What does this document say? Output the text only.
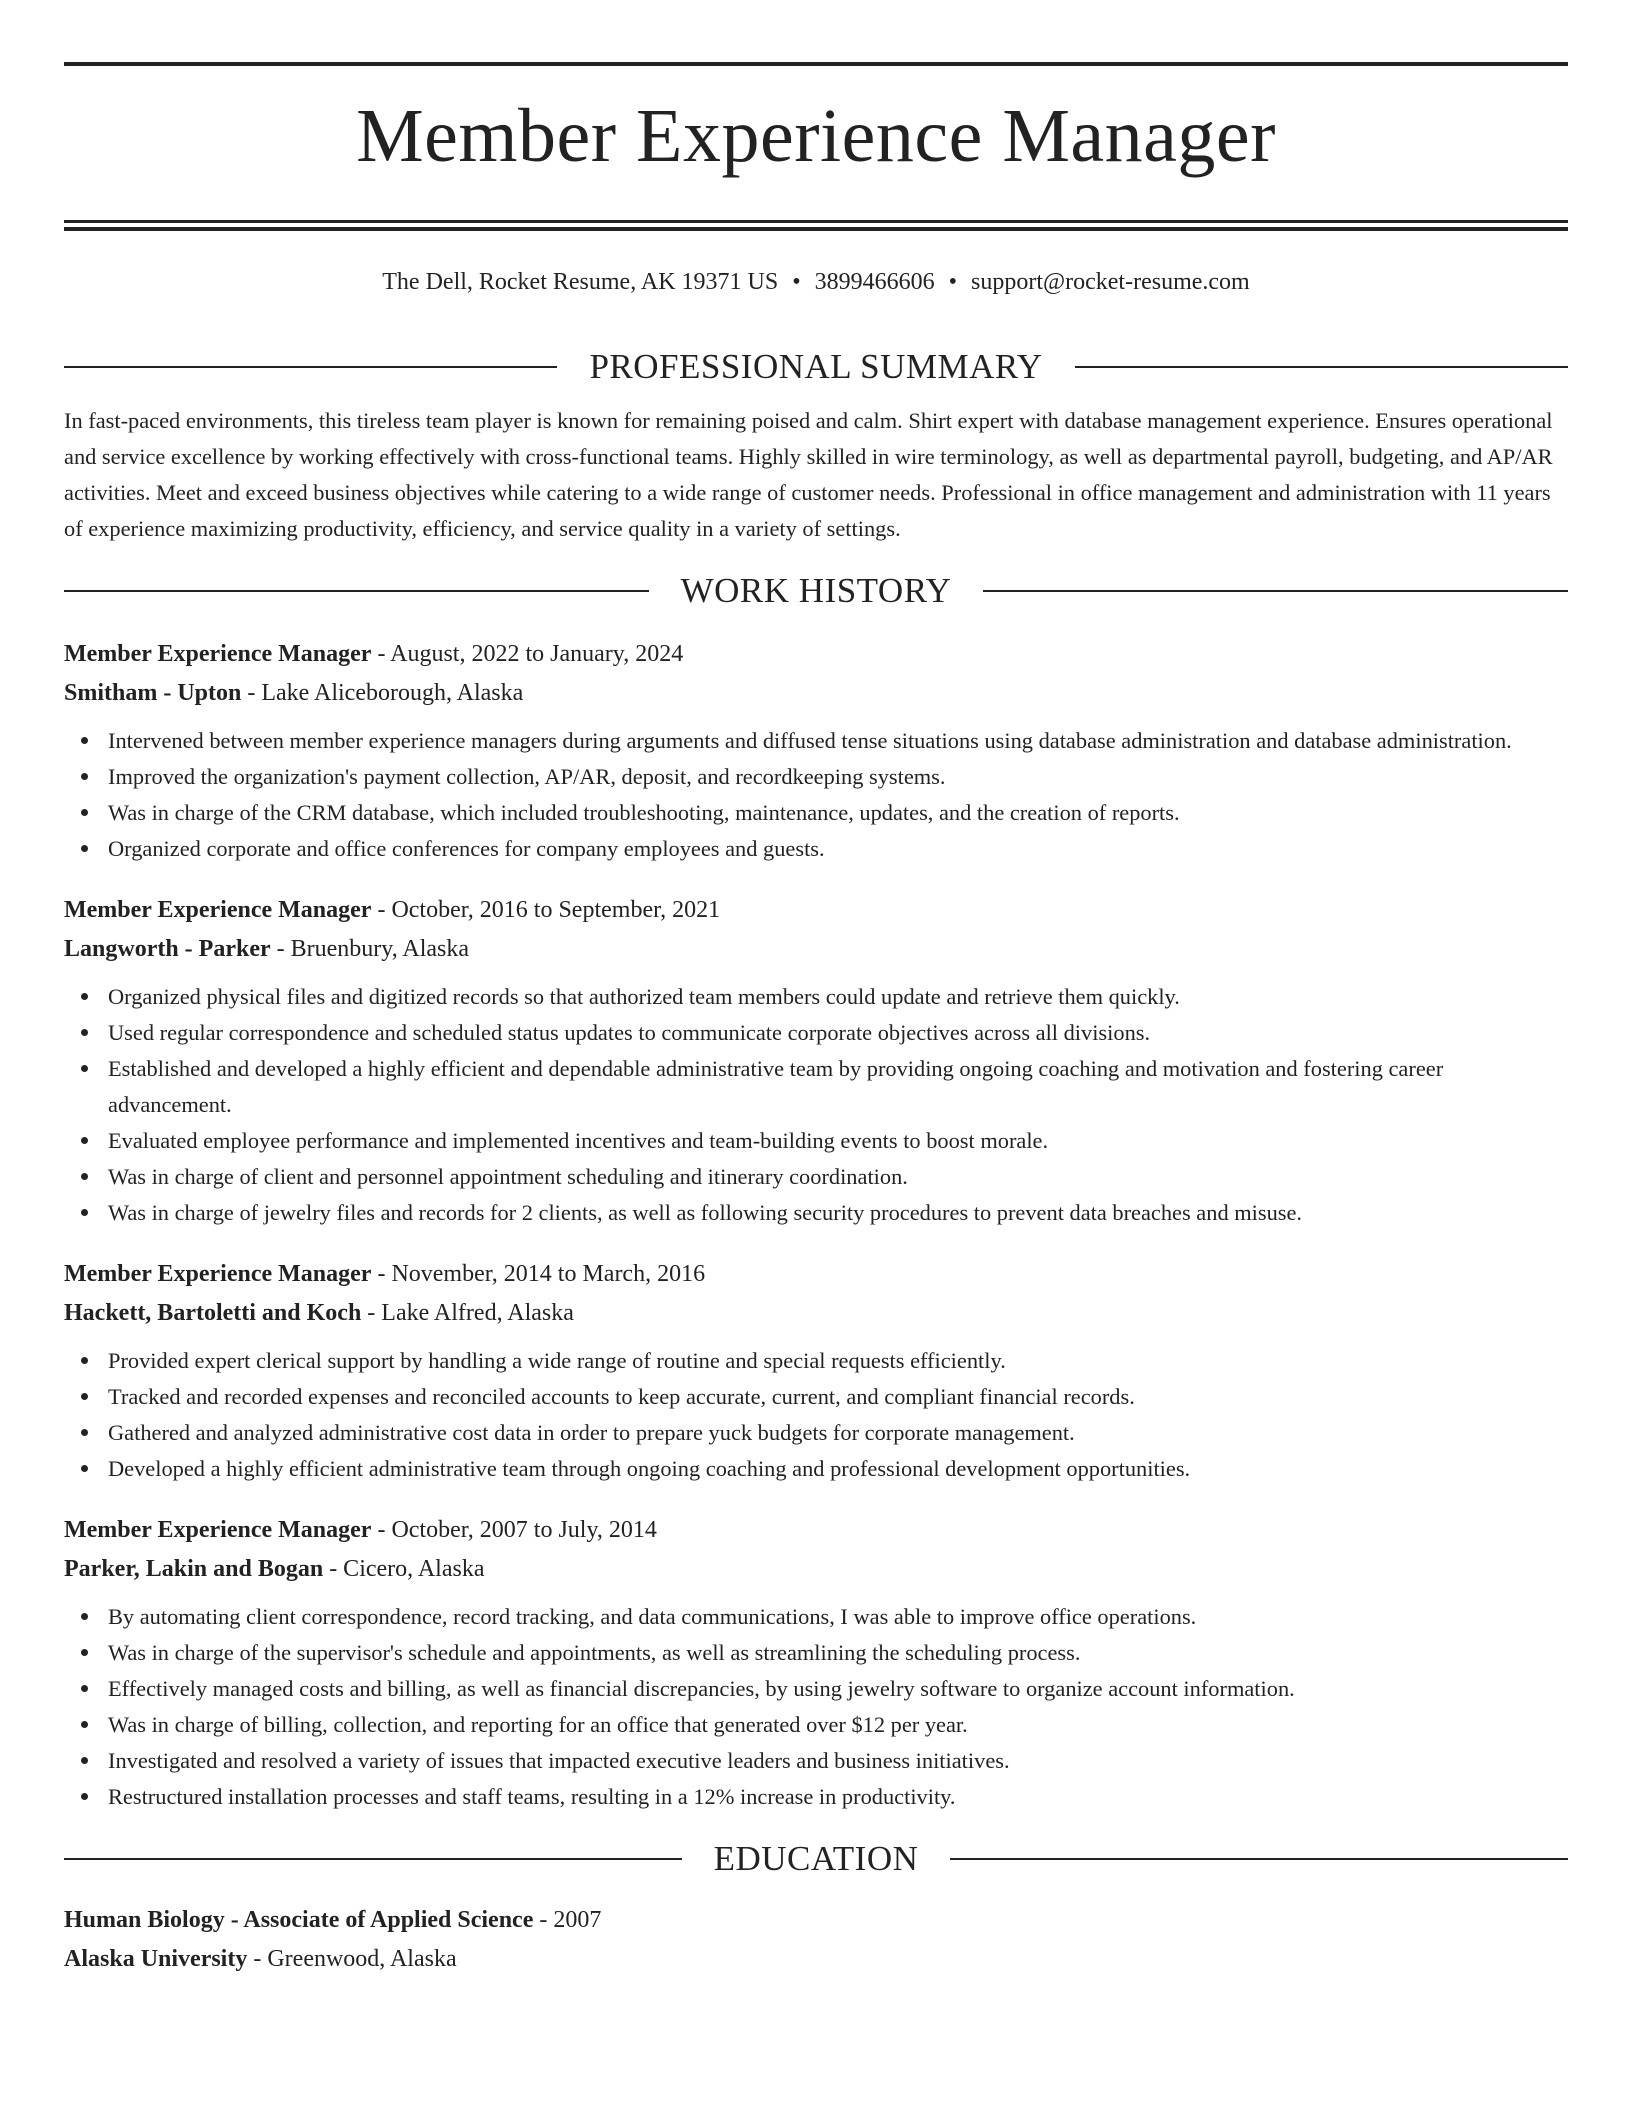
Member Experience Manager
The Dell, Rocket Resume, AK 19371 US • 3899466606 • support@rocket-resume.com
PROFESSIONAL SUMMARY
In fast-paced environments, this tireless team player is known for remaining poised and calm. Shirt expert with database management experience. Ensures operational and service excellence by working effectively with cross-functional teams. Highly skilled in wire terminology, as well as departmental payroll, budgeting, and AP/AR activities. Meet and exceed business objectives while catering to a wide range of customer needs. Professional in office management and administration with 11 years of experience maximizing productivity, efficiency, and service quality in a variety of settings.
WORK HISTORY
Member Experience Manager - August, 2022 to January, 2024
Smitham - Upton - Lake Aliceborough, Alaska
Intervened between member experience managers during arguments and diffused tense situations using database administration and database administration.
Improved the organization's payment collection, AP/AR, deposit, and recordkeeping systems.
Was in charge of the CRM database, which included troubleshooting, maintenance, updates, and the creation of reports.
Organized corporate and office conferences for company employees and guests.
Member Experience Manager - October, 2016 to September, 2021
Langworth - Parker - Bruenbury, Alaska
Organized physical files and digitized records so that authorized team members could update and retrieve them quickly.
Used regular correspondence and scheduled status updates to communicate corporate objectives across all divisions.
Established and developed a highly efficient and dependable administrative team by providing ongoing coaching and motivation and fostering career advancement.
Evaluated employee performance and implemented incentives and team-building events to boost morale.
Was in charge of client and personnel appointment scheduling and itinerary coordination.
Was in charge of jewelry files and records for 2 clients, as well as following security procedures to prevent data breaches and misuse.
Member Experience Manager - November, 2014 to March, 2016
Hackett, Bartoletti and Koch - Lake Alfred, Alaska
Provided expert clerical support by handling a wide range of routine and special requests efficiently.
Tracked and recorded expenses and reconciled accounts to keep accurate, current, and compliant financial records.
Gathered and analyzed administrative cost data in order to prepare yuck budgets for corporate management.
Developed a highly efficient administrative team through ongoing coaching and professional development opportunities.
Member Experience Manager - October, 2007 to July, 2014
Parker, Lakin and Bogan - Cicero, Alaska
By automating client correspondence, record tracking, and data communications, I was able to improve office operations.
Was in charge of the supervisor's schedule and appointments, as well as streamlining the scheduling process.
Effectively managed costs and billing, as well as financial discrepancies, by using jewelry software to organize account information.
Was in charge of billing, collection, and reporting for an office that generated over $12 per year.
Investigated and resolved a variety of issues that impacted executive leaders and business initiatives.
Restructured installation processes and staff teams, resulting in a 12% increase in productivity.
EDUCATION
Human Biology - Associate of Applied Science - 2007
Alaska University - Greenwood, Alaska
